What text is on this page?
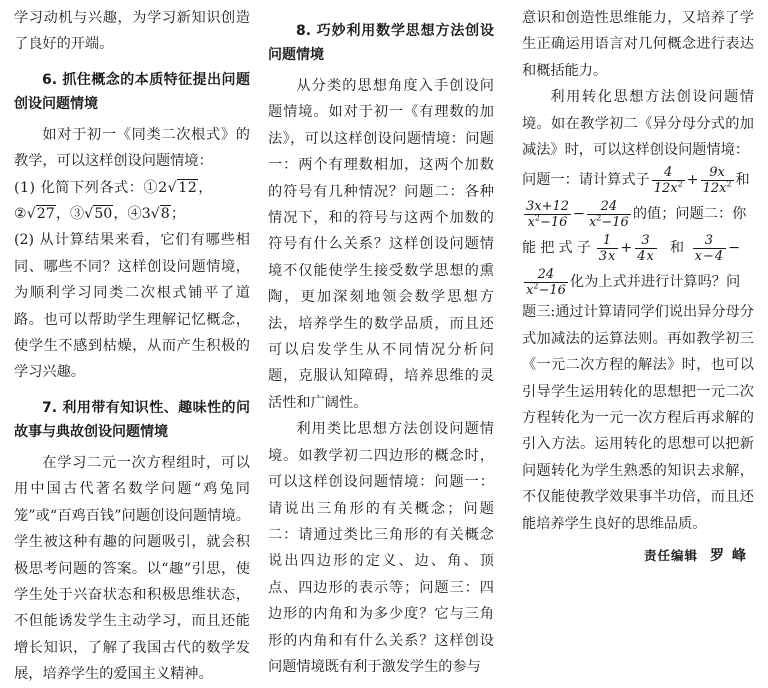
学习动机与兴趣，为学习新知识创造了良好的开端。

6. 抓住概念的本质特征提出问题创设问题情境

如对于初一《同类二次根式》的教学，可以这样创设问题情境：

(1) 化简下列各式：①2√12，

②√27，③√50，④3√8；

(2) 从计算结果来看，它们有哪些相同、哪些不同？这样创设问题情境，为顺利学习同类二次根式铺平了道路。也可以帮助学生理解记忆概念，使学生不感到枯燥，从而产生积极的学习兴趣。

7. 利用带有知识性、趣味性的问故事与典故创设问题情境

在学习二元一次方程组时，可以用中国古代著名数学问题“鸡兔同笼”或“百鸡百钱”问题创设问题情境。学生被这种有趣的问题吸引，就会积极思考问题的答案。以“趣”引思，使学生处于兴奋状态和积极思维状态，不但能诱发学生主动学习，而且还能增长知识，了解了我国古代的数学发展，培养学生的爱国主义精神。

8. 巧妙利用数学思想方法创设问题情境

从分类的思想角度入手创设问题情境。如对于初一《有理数的加法》，可以这样创设问题情境：问题一：两个有理数相加，这两个加数的符号有几种情况？问题二：各种情况下，和的符号与这两个加数的符号有什么关系？这样创设问题情境不仅能使学生接受数学思想的熏陶，更加深刻地领会数学思想方法，培养学生的数学品质，而且还可以启发学生从不同情况分析问题，克服认知障碍，培养思维的灵活性和广阔性。

利用类比思想方法创设问题情境。如教学初二四边形的概念时，可以这样创设问题情境：问题一：请说出三角形的有关概念；问题二：请通过类比三角形的有关概念说出四边形的定义、边、角、顶点、四边形的表示等；问题三：四边形的内角和为多少度？它与三角形的内角和有什么关系？这样创设问题情境既有利于激发学生的参与

意识和创造性思维能力，又培养了学生正确运用语言对几何概念进行表达和概括能力。

利用转化思想方法创设问题情境。如在教学初二《异分母分式的加减法》时，可以这样创设问题情境：

问题一：请计算式子 $\frac{4}{12x^2} + \frac{9x}{12x^2}$ 和
$\frac{3x+12}{x^2-16} - \frac{24}{x^2-16}$ 的值；问题二：你
能把式子 $\frac{1}{3x} + \frac{3}{4x}$ 和 $\frac{3}{x-4}$ −
$\frac{24}{x^2-16}$ 化为上式并进行计算吗？问

题三:通过计算请同学们说出异分母分式加减法的运算法则。再如教学初三《一元二次方程的解法》时，也可以引导学生运用转化的思想把一元二次方程转化为一元一次方程后再求解的引入方法。运用转化的思想可以把新问题转化为学生熟悉的知识去求解，不仅能使教学效果事半功倍，而且还能培养学生良好的思维品质。

责任编辑 罗峰
